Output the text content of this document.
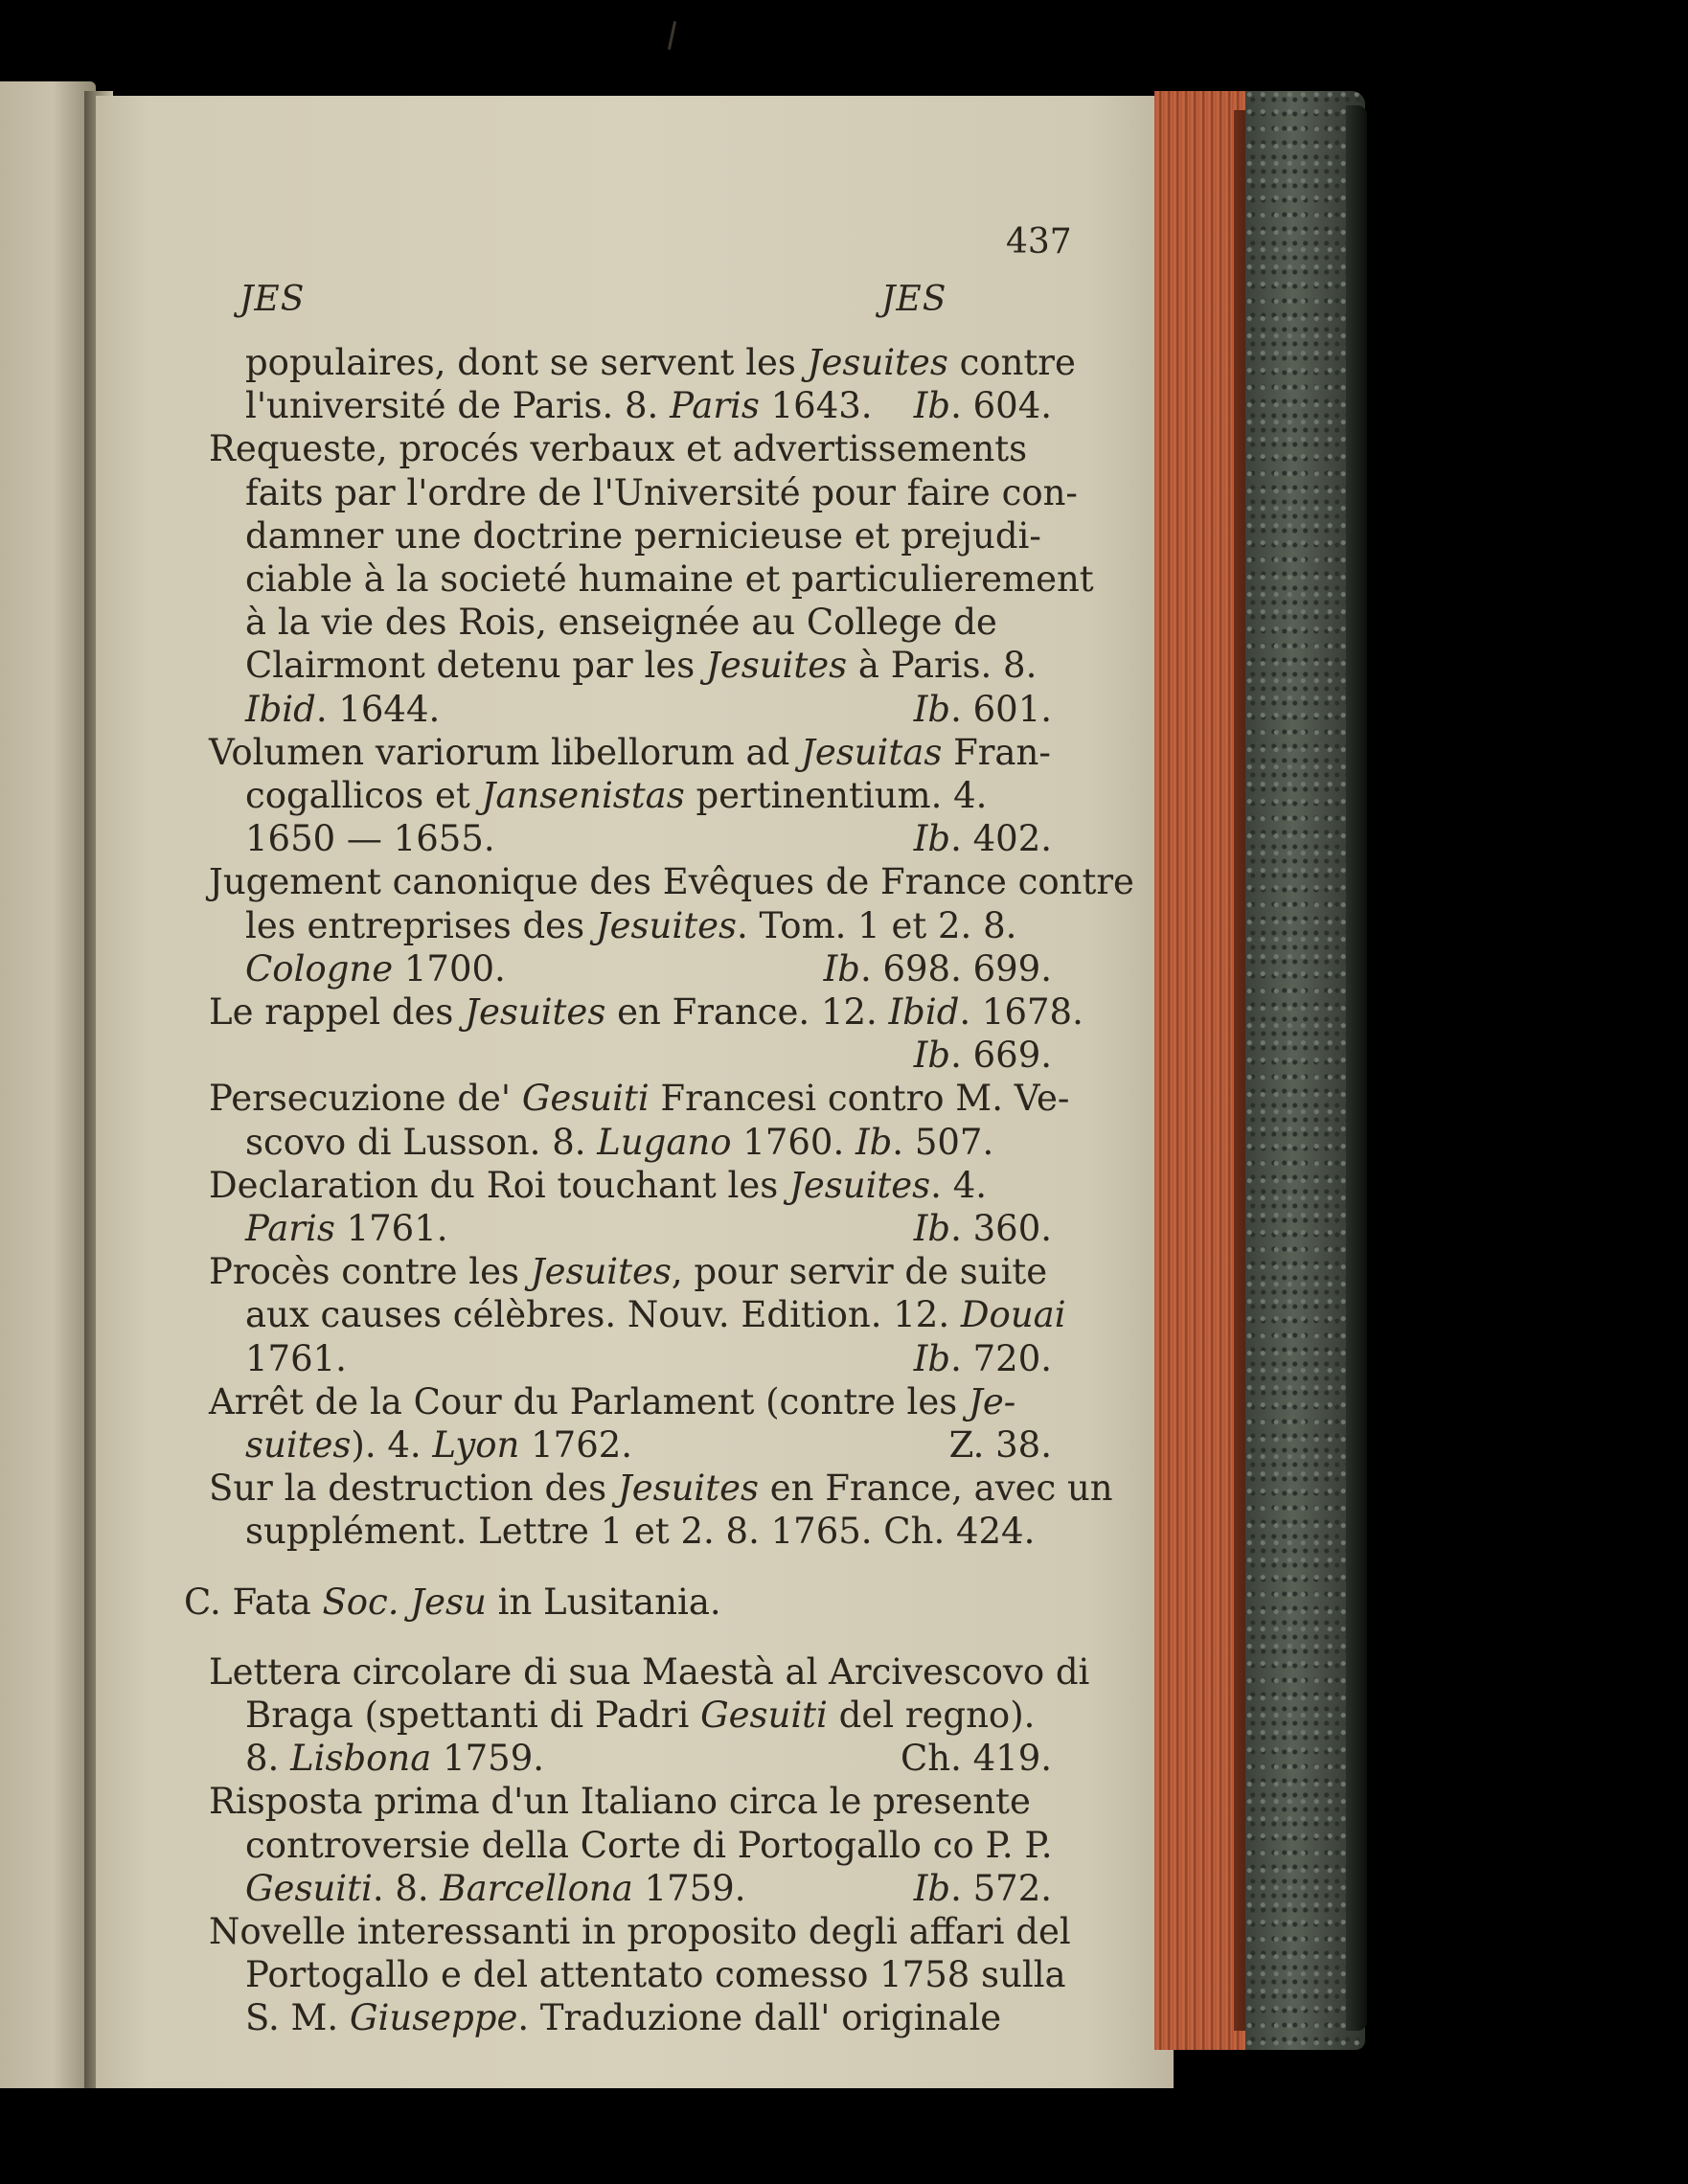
437
JES	JES
populaires, dont se servent les Jesuites contre
l'université de Paris. 8. Paris 1643. Ib. 604.
Requeste, procés verbaux et advertissements
faits par l'ordre de l'Université pour faire con-
damner une doctrine pernicieuse et prejudi-
ciable à la societé humaine et particulierement
à la vie des Rois, enseignée au College de
Clairmont detenu par les Jesuites à Paris. 8.
Ibid. 1644.	Ib. 601.
Volumen variorum libellorum ad Jesuitas Fran-
cogallicos et Jansenistas pertinentium. 4.
1650 — 1655.	Ib. 402.
Jugement canonique des Evêques de France contre
les entreprises des Jesuites. Tom. 1 et 2. 8.
Cologne 1700.	Ib. 698. 699.
Le rappel des Jesuites en France. 12. Ibid. 1678.
Ib. 669.
Persecuzione de' Gesuiti Francesi contro M. Ve-
scovo di Lusson. 8. Lugano 1760. Ib. 507.
Declaration du Roi touchant les Jesuites. 4.
Paris 1761.	Ib. 360.
Procès contre les Jesuites, pour servir de suite
aux causes célèbres. Nouv. Edition. 12. Douai
1761.	Ib. 720.
Arrêt de la Cour du Parlament (contre les Je-
suites). 4. Lyon 1762.	Z. 38.
Sur la destruction des Jesuites en France, avec un
supplément. Lettre 1 et 2. 8. 1765. Ch. 424.
C. Fata Soc. Jesu in Lusitania.
Lettera circolare di sua Maestà al Arcivescovo di
Braga (spettanti di Padri Gesuiti del regno).
8. Lisbona 1759.	Ch. 419.
Risposta prima d'un Italiano circa le presente
controversie della Corte di Portogallo co P. P.
Gesuiti. 8. Barcellona 1759.	Ib. 572.
Novelle interessanti in proposito degli affari del
Portogallo e del attentato comesso 1758 sulla
S. M. Giuseppe. Traduzione dall' originale
